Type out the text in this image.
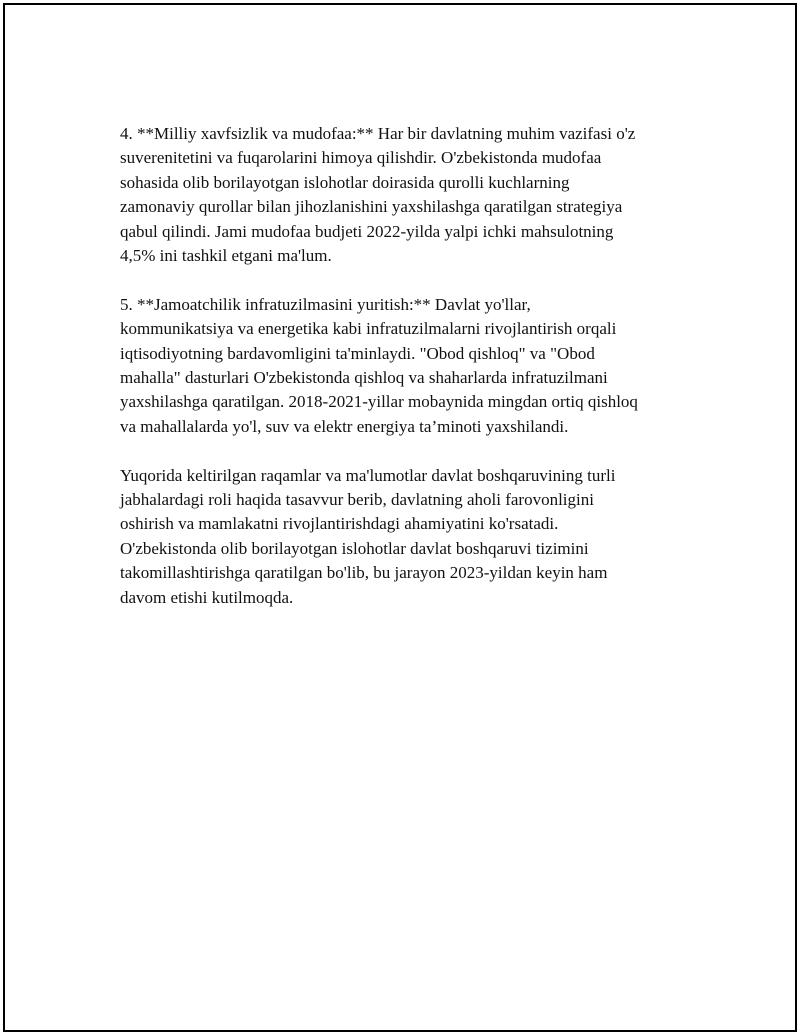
4. **Milliy xavfsizlik va mudofaa:** Har bir davlatning muhim vazifasi o'z
suverenitetini va fuqarolarini himoya qilishdir. O'zbekistonda mudofaa
sohasida olib borilayotgan islohotlar doirasida qurolli kuchlarning
zamonaviy qurollar bilan jihozlanishini yaxshilashga qaratilgan strategiya
qabul qilindi. Jami mudofaa budjeti 2022-yilda yalpi ichki mahsulotning
4,5% ini tashkil etgani ma'lum.

5. **Jamoatchilik infratuzilmasini yuritish:** Davlat yo'llar,
kommunikatsiya va energetika kabi infratuzilmalarni rivojlantirish orqali
iqtisodiyotning bardavomligini ta'minlaydi. "Obod qishloq" va "Obod
mahalla" dasturlari O'zbekistonda qishloq va shaharlarda infratuzilmani
yaxshilashga qaratilgan. 2018-2021-yillar mobaynida mingdan ortiq qishloq
va mahallalarda yo'l, suv va elektr energiya ta’minoti yaxshilandi.

Yuqorida keltirilgan raqamlar va ma'lumotlar davlat boshqaruvining turli
jabhalardagi roli haqida tasavvur berib, davlatning aholi farovonligini
oshirish va mamlakatni rivojlantirishdagi ahamiyatini ko'rsatadi.
O'zbekistonda olib borilayotgan islohotlar davlat boshqaruvi tizimini
takomillashtirishga qaratilgan bo'lib, bu jarayon 2023-yildan keyin ham
davom etishi kutilmoqda.
